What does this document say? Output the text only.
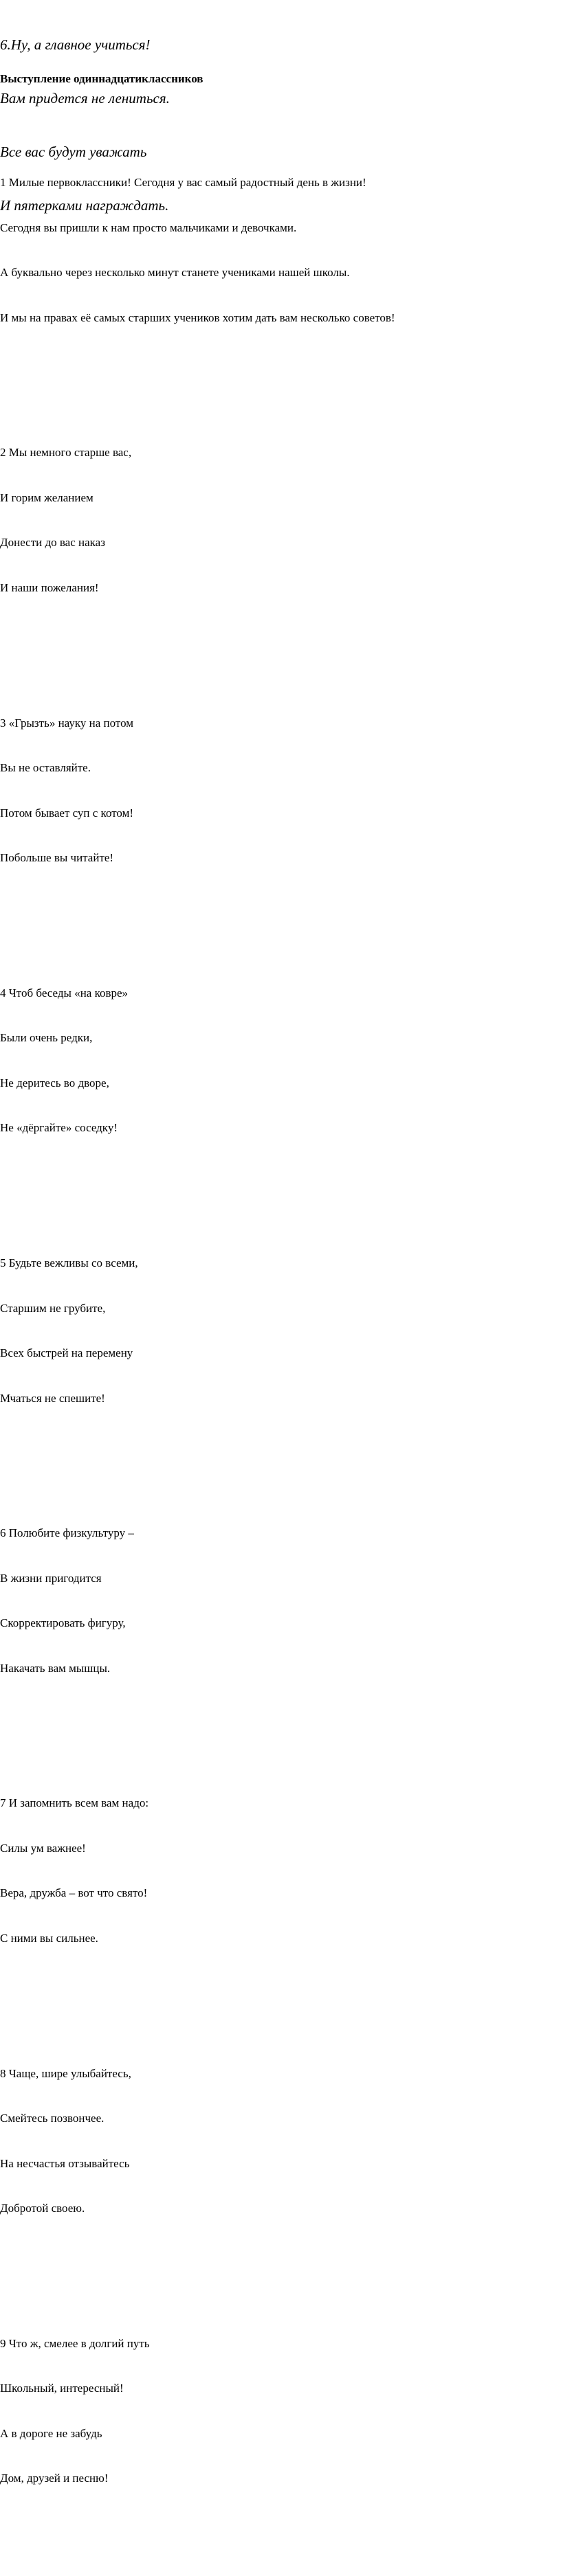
6.Ну, а главное учиться!

Вам придется не лениться.

Все вас будут уважать

И пятерками награждать.

Выступление одиннадцатиклассников

1 Милые первоклассники! Сегодня у вас самый радостный день в жизни!

Сегодня вы пришли к нам просто мальчиками и девочками.

А буквально через несколько минут станете учениками нашей школы.

И мы на правах её самых старших учеников хотим дать вам несколько советов!

2 Мы немного старше вас,

И горим желанием

Донести до вас наказ

И наши пожелания!

3 «Грызть» науку на потом

Вы не оставляйте.

Потом бывает суп с котом!

Побольше вы читайте!

4 Чтоб беседы «на ковре»

Были очень редки,

Не деритесь во дворе,

Не «дёргайте» соседку!

5 Будьте вежливы со всеми,

Старшим не грубите,

Всех быстрей на перемену

Мчаться не спешите!

6 Полюбите физкультуру –

В жизни пригодится

Скорректировать фигуру,

Накачать вам мышцы.

7 И запомнить всем вам надо:

Силы ум важнее!

Вера, дружба – вот что свято!

С ними вы сильнее.

8 Чаще, шире улыбайтесь,

Смейтесь позвончее.

На несчастья отзывайтесь

Добротой своею.

9 Что ж, смелее в долгий путь

Школьный, интересный!

А в дороге не забудь

Дом, друзей и песню!
